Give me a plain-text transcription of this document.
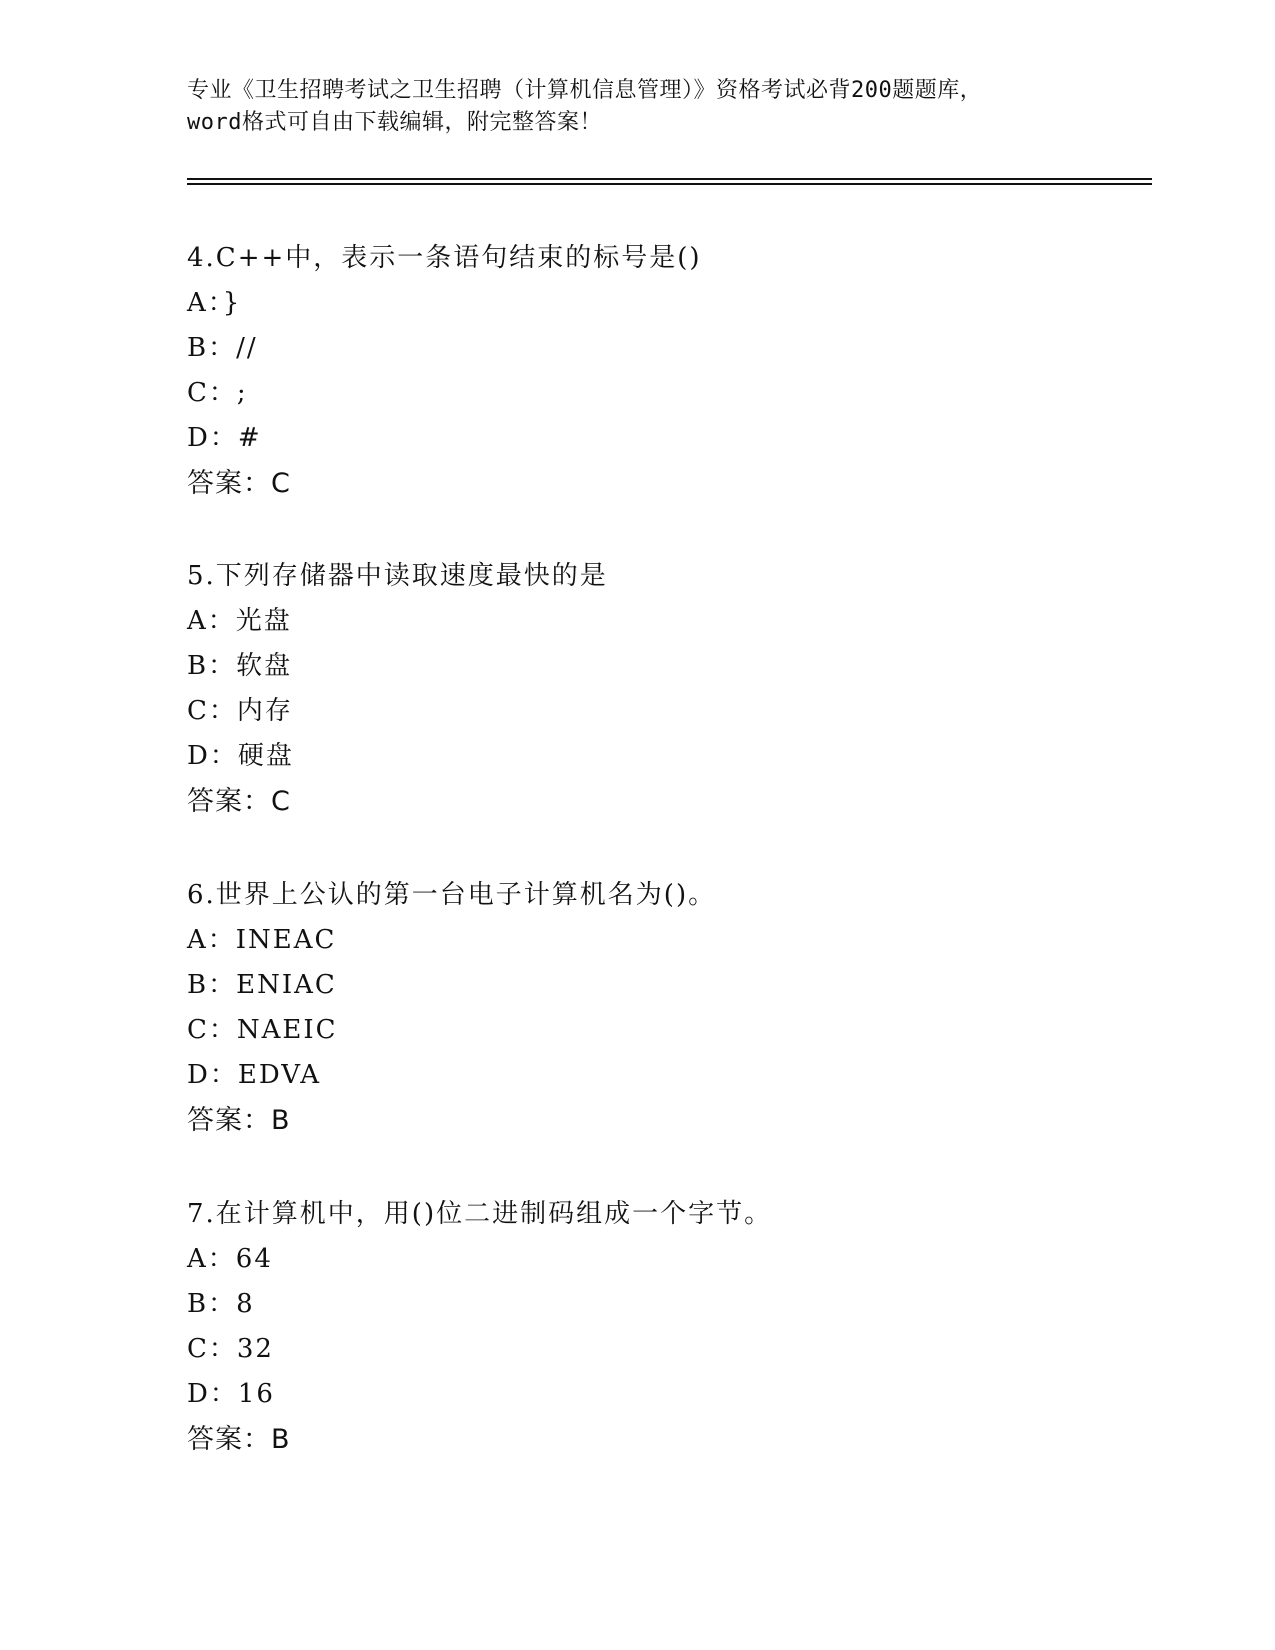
专业《卫生招聘考试之卫生招聘（计算机信息管理）》资格考试必背200题题库，
word格式可自由下载编辑，附完整答案！
4.C++中，表示一条语句结束的标号是()
A：}
B：//
C：;
D：#
答案：C
5.下列存储器中读取速度最快的是
A：光盘
B：软盘
C：内存
D：硬盘
答案：C
6.世界上公认的第一台电子计算机名为()。
A：INEAC
B：ENIAC
C：NAEIC
D：EDVA
答案：B
7.在计算机中，用()位二进制码组成一个字节。
A：64
B：8
C：32
D：16
答案：B
